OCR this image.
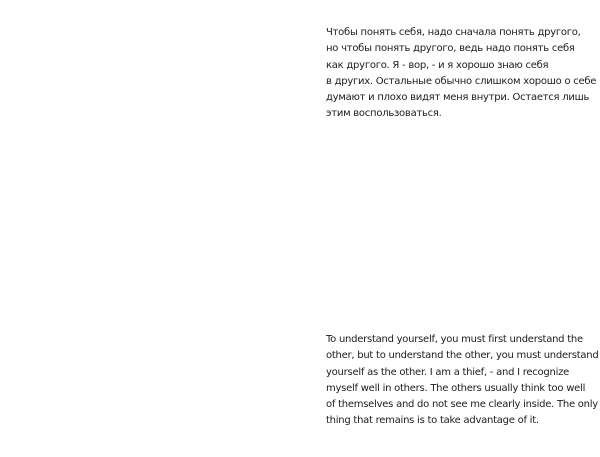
Чтобы понять себя, надо сначала понять другого,
но чтобы понять другого, ведь надо понять себя
как другого. Я - вор, - и я хорошо знаю себя
в других. Остальные обычно слишком хорошо о себе
думают и плохо видят меня внутри. Остается лишь
этим воспользоваться.
To understand yourself, you must first understand the
other, but to understand the other, you must understand
yourself as the other. I am a thief, - and I recognize
myself well in others. The others usually think too well
of themselves and do not see me clearly inside. The only
thing that remains is to take advantage of it.
